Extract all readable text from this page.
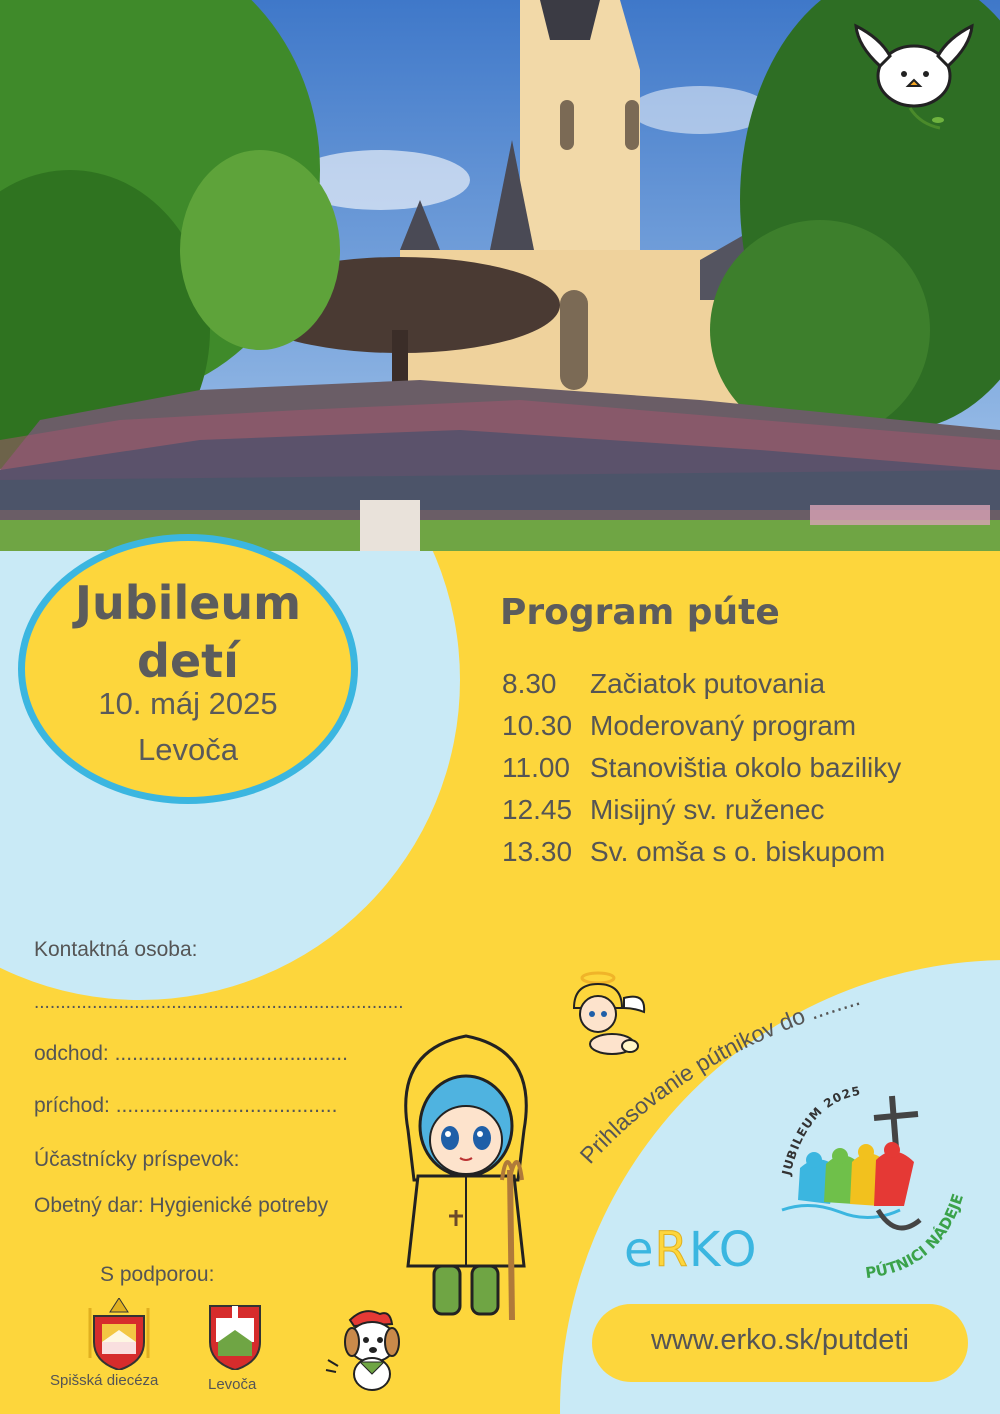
Jubileum
detí
10. máj 2025
Levoča
Program púte
8.30	Začiatok putovania
10.30 Moderovaný program
11.00 Stanovištia okolo baziliky
12.45 Misijný sv. ruženec
13.30 Sv. omša s o. biskupom
Kontaktná osoba:
......................................................................
odchod: ........................................
príchod: ......................................
Účastnícky príspevok:
Obetný dar: Hygienické potreby
S podporou:
Spišská diecéza	Levoča
Prihlasovanie pútnikov do ........
JUBILEUM 2025
PÚTNICI NÁDEJE
eRKO
www.erko.sk/putdeti
